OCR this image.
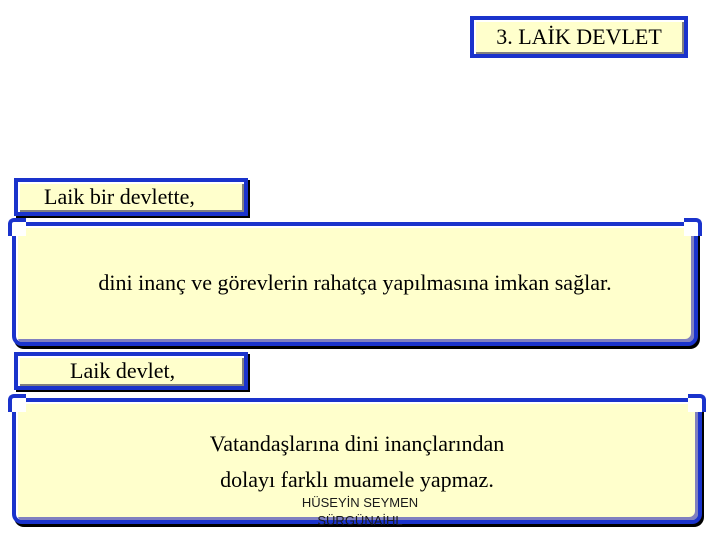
3. LAİK DEVLET
Laik bir devlette,
dini inanç ve görevlerin rahatça yapılmasına imkan sağlar.
Laik devlet,
Vatandaşlarına dini inançlarından
dolayı farklı muamele yapmaz.
HÜSEYİN SEYMEN
SÜRGÜNAİHL
